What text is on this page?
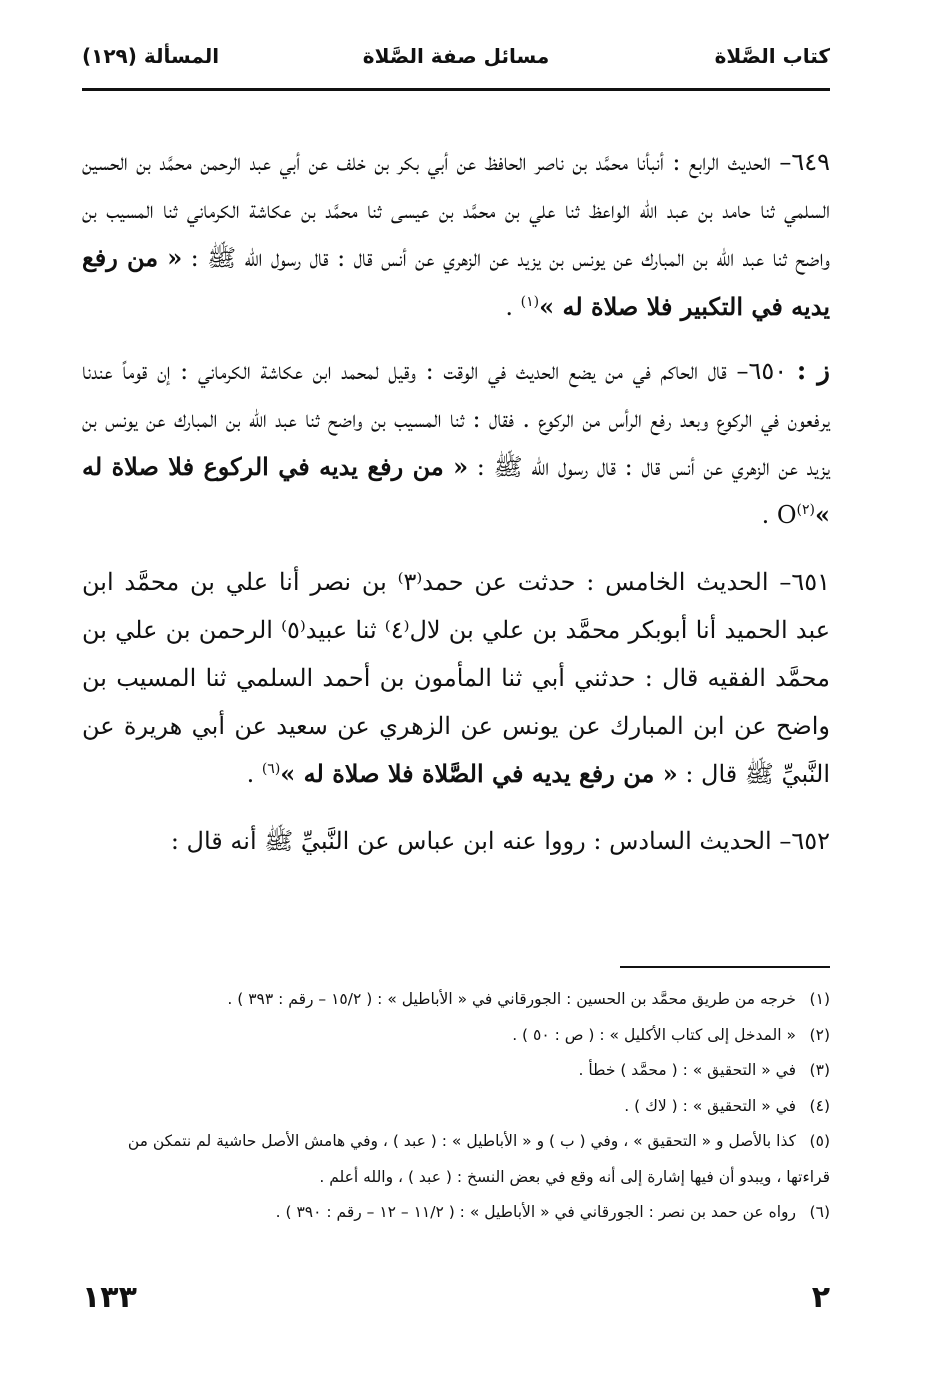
كتاب الصَّلاة
مسائل صفة الصَّلاة
المسألة (١٢٩)

٦٤٩– الحديث الرابع : أنبأنا محمَّد بن ناصر الحافظ عن أبي بكر بن خلف عن أبي عبد الرحمن محمَّد بن الحسين السلمي ثنا حامد بن عبد الله الواعظ ثنا علي بن محمَّد بن عيسى ثنا محمَّد بن عكاشة الكرماني ثنا المسيب بن واضح ثنا عبد الله بن المبارك عن يونس بن يزيد عن الزهري عن أنس قال : قال رسول الله ﷺ : « من رفع يديه في التكبير فلا صلاة له »$^{(١)}$ .

ز : ٦٥٠– قال الحاكم في من يضع الحديث في الوقت : وقيل لمحمد ابن عكاشة الكرماني : إن قوماً عندنا يرفعون في الركوع وبعد رفع الرأس من الركوع . فقال : ثنا المسيب بن واضح ثنا عبد الله بن المبارك عن يونس بن يزيد عن الزهري عن أنس قال : قال رسول الله ﷺ : « من رفع يديه في الركوع فلا صلاة له »$^{(٢)}$O .

٦٥١– الحديث الخامس : حدثت عن حمد⁽٣⁾ بن نصر أنا علي بن محمَّد ابن عبد الحميد أنا أبوبكر محمَّد بن علي بن لال⁽٤⁾ ثنا عبيد⁽٥⁾ الرحمن بن علي بن محمَّد الفقيه قال : حدثني أبي ثنا المأمون بن أحمد السلمي ثنا المسيب بن واضح عن ابن المبارك عن يونس عن الزهري عن سعيد عن أبي هريرة عن النَّبيِّ ﷺ قال : « من رفع يديه في الصَّلاة فلا صلاة له »$^{(٦)}$ .

٦٥٢– الحديث السادس : رووا عنه ابن عباس عن النَّبيِّ ﷺ أنه قال :

(١)خرجه من طريق محمَّد بن الحسين : الجورقاني في « الأباطيل » : ( ١٥/٢ – رقم : ٣٩٣ ) .

(٢)« المدخل إلى كتاب الأكليل » : ( ص : ٥٠ ) .

(٣)في « التحقيق » : ( محمَّد ) خطأ .

(٤)في « التحقيق » : ( لاك ) .

(٥)كذا بالأصل و « التحقيق » ، وفي ( ب ) و « الأباطيل » : ( عبد ) ، وفي هامش الأصل حاشية لم نتمكن من قراءتها ، ويبدو أن فيها إشارة إلى أنه وقع في بعض النسخ : ( عبد ) ، والله أعلم .

(٦)رواه عن حمد بن نصر : الجورقاني في « الأباطيل » : ( ١١/٢ – ١٢ – رقم : ٣٩٠ ) .

٢
١٣٣
